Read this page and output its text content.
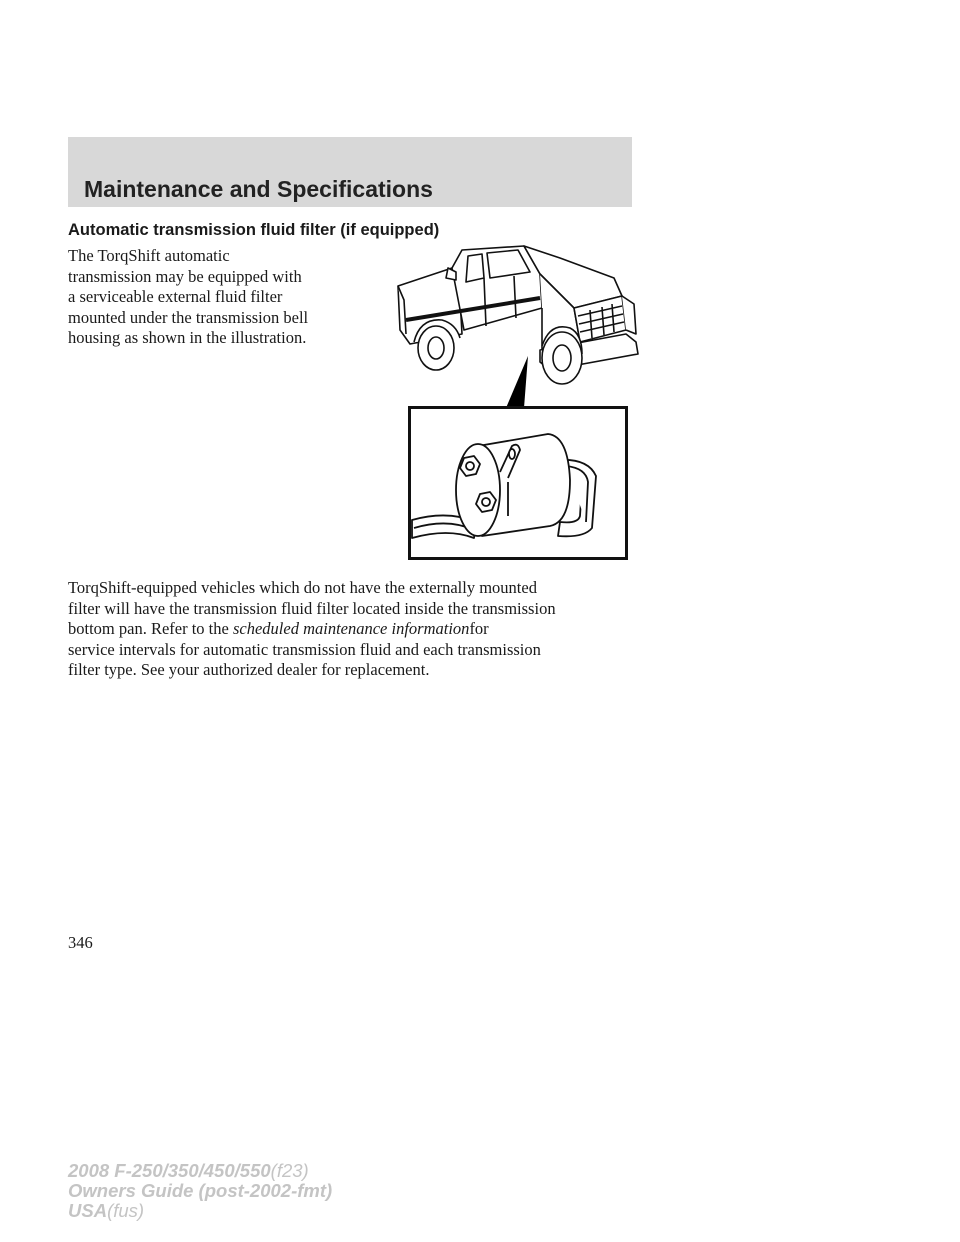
Maintenance and Specifications
Automatic transmission fluid filter (if equipped)

The TorqShift automatic
transmission may be equipped with
a serviceable external fluid filter
mounted under the transmission bell
housing as shown in the illustration.

TorqShift-equipped vehicles which do not have the externally mounted
filter will have the transmission fluid filter located inside the transmission
bottom pan. Refer to the scheduled maintenance informationfor
service intervals for automatic transmission fluid and each transmission
filter type. See your authorized dealer for replacement.

346
2008 F-250/350/450/550(f23)
Owners Guide (post-2002-fmt)
USA(fus)
